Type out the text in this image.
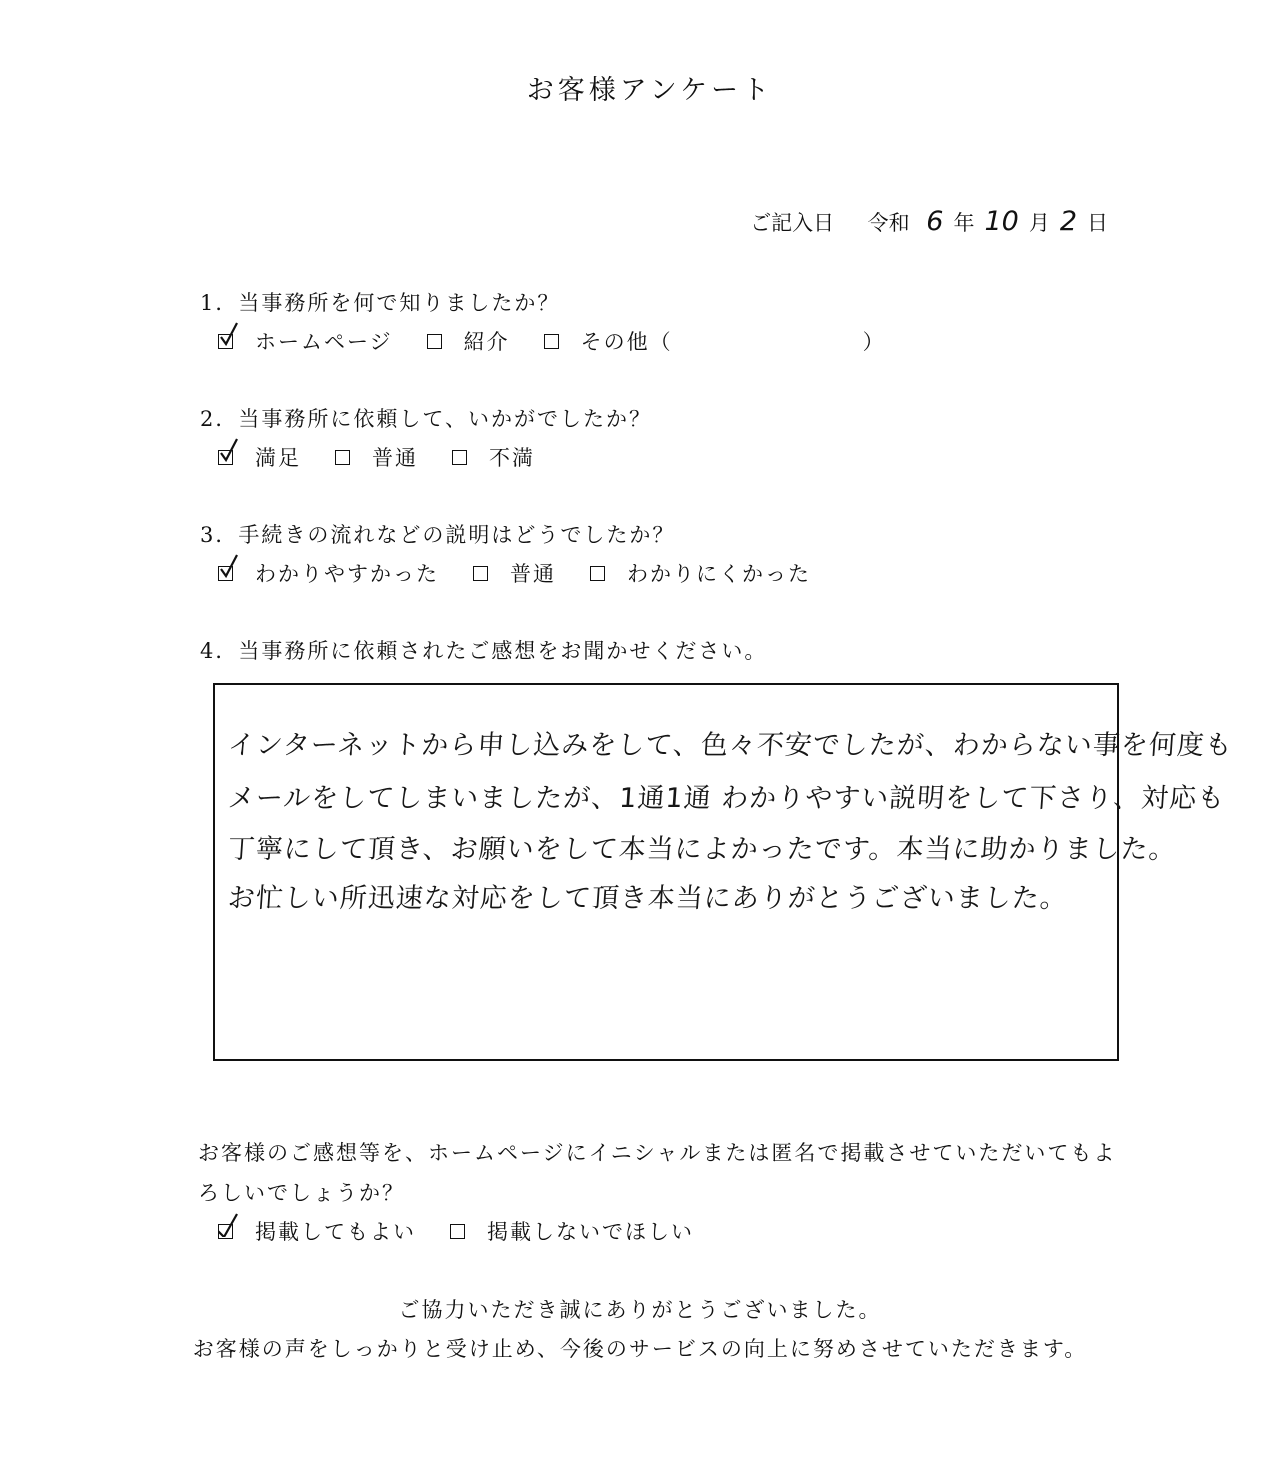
お客様アンケート
ご記入日 令和 6 年 10 月 2 日
1．当事務所を何で知りましたか？
ホームページ	紹介	その他（	）
2．当事務所に依頼して、いかがでしたか？
満足	普通	不満
3．手続きの流れなどの説明はどうでしたか？
わかりやすかった	普通	わかりにくかった
4．当事務所に依頼されたご感想をお聞かせください。
インターネットから申し込みをして、色々不安でしたが、わからない事を何度も
メールをしてしまいましたが、1通1通 わかりやすい説明をして下さり、対応も
丁寧にして頂き、お願いをして本当によかったです。本当に助かりました。
お忙しい所迅速な対応をして頂き本当にありがとうございました。
お客様のご感想等を、ホームページにイニシャルまたは匿名で掲載させていただいてもよ
ろしいでしょうか？
掲載してもよい	掲載しないでほしい
ご協力いただき誠にありがとうございました。
お客様の声をしっかりと受け止め、今後のサービスの向上に努めさせていただきます。
